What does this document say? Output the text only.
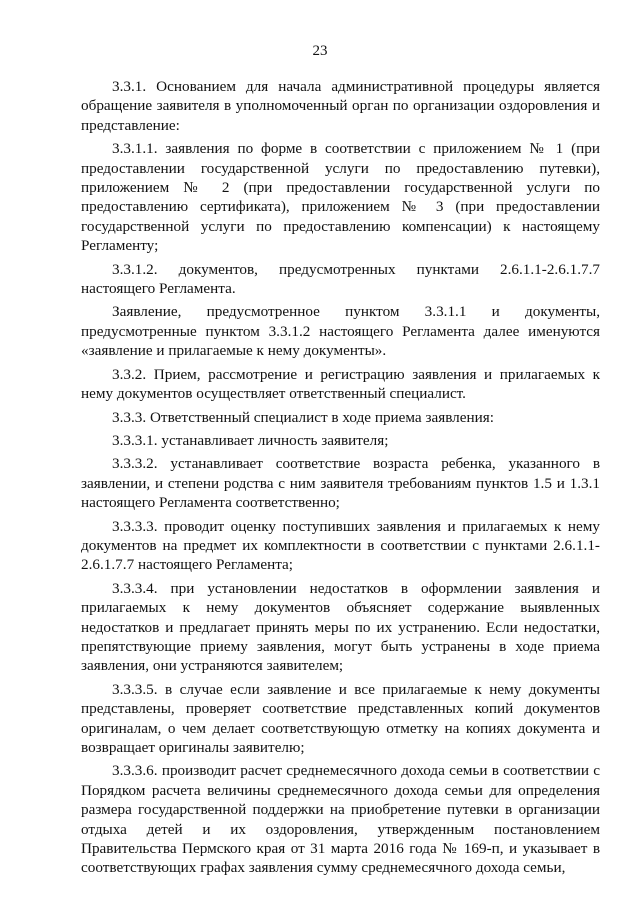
23

3.3.1. Основанием для начала административной процедуры является обращение заявителя в уполномоченный орган по организации оздоровления и представление:

3.3.1.1. заявления по форме в соответствии с приложением № 1 (при предоставлении государственной услуги по предоставлению путевки), приложением № 2 (при предоставлении государственной услуги по предоставлению сертификата), приложением № 3 (при предоставлении государственной услуги по предоставлению компенсации) к настоящему Регламенту;

3.3.1.2. документов, предусмотренных пунктами 2.6.1.1-2.6.1.7.7 настоящего Регламента.

Заявление, предусмотренное пунктом 3.3.1.1 и документы, предусмотренные пунктом 3.3.1.2 настоящего Регламента далее именуются «заявление и прилагаемые к нему документы».

3.3.2. Прием, рассмотрение и регистрацию заявления и прилагаемых к нему документов осуществляет ответственный специалист.

3.3.3. Ответственный специалист в ходе приема заявления:

3.3.3.1. устанавливает личность заявителя;

3.3.3.2. устанавливает соответствие возраста ребенка, указанного в заявлении, и степени родства с ним заявителя требованиям пунктов 1.5 и 1.3.1 настоящего Регламента соответственно;

3.3.3.3. проводит оценку поступивших заявления и прилагаемых к нему документов на предмет их комплектности в соответствии с пунктами 2.6.1.1-2.6.1.7.7 настоящего Регламента;

3.3.3.4. при установлении недостатков в оформлении заявления и прилагаемых к нему документов объясняет содержание выявленных недостатков и предлагает принять меры по их устранению. Если недостатки, препятствующие приему заявления, могут быть устранены в ходе приема заявления, они устраняются заявителем;

3.3.3.5. в случае если заявление и все прилагаемые к нему документы представлены, проверяет соответствие представленных копий документов оригиналам, о чем делает соответствующую отметку на копиях документа и возвращает оригиналы заявителю;

3.3.3.6. производит расчет среднемесячного дохода семьи в соответствии с Порядком расчета величины среднемесячного дохода семьи для определения размера государственной поддержки на приобретение путевки в организации отдыха детей и их оздоровления, утвержденным постановлением Правительства Пермского края от 31 марта 2016 года № 169-п, и указывает в соответствующих графах заявления сумму среднемесячного дохода семьи,
